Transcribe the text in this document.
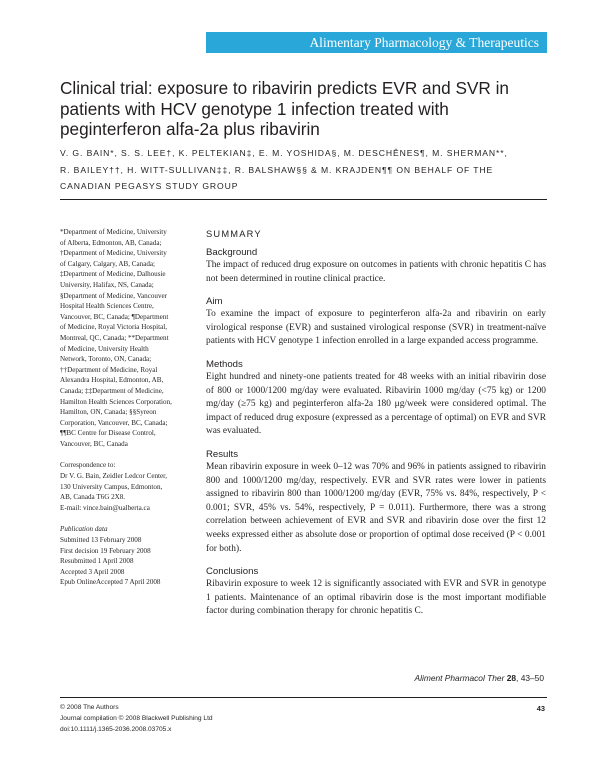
Alimentary Pharmacology & Therapeutics
Clinical trial: exposure to ribavirin predicts EVR and SVR in
patients with HCV genotype 1 infection treated with
peginterferon alfa-2a plus ribavirin
V. G. BAIN*, S. S. LEE†, K. PELTEKIAN‡, E. M. YOSHIDA§, M. DESCHÊNES¶, M. SHERMAN**,
R. BAILEY††, H. WITT-SULLIVAN‡‡, R. BALSHAW§§ & M. KRAJDEN¶¶ ON BEHALF OF THE
CANADIAN PEGASYS STUDY GROUP

*Department of Medicine, University

of Alberta, Edmonton, AB, Canada;

†Department of Medicine, University

of Calgary, Calgary, AB, Canada;

‡Department of Medicine, Dalhousie

University, Halifax, NS, Canada;

§Department of Medicine, Vancouver

Hospital Health Sciences Centre,

Vancouver, BC, Canada; ¶Department

of Medicine, Royal Victoria Hospital,

Montreal, QC, Canada; **Department

of Medicine, University Health

Network, Toronto, ON, Canada;

††Department of Medicine, Royal

Alexandra Hospital, Edmonton, AB,

Canada; ‡‡Department of Medicine,

Hamilton Health Sciences Corporation,

Hamilton, ON, Canada; §§Syreon

Corporation, Vancouver, BC, Canada;

¶¶BC Centre for Disease Control,

Vancouver, BC, Canada

Correspondence to:

Dr V. G. Bain, Zeidler Ledcor Center,

130 University Campus, Edmonton,

AB, Canada T6G 2X8.

E-mail: vince.bain@ualberta.ca

Publication data

Submitted 13 February 2008

First decision 19 February 2008

Resubmitted 1 April 2008

Accepted 3 April 2008

Epub OnlineAccepted 7 April 2008

SUMMARY
Background

The impact of reduced drug exposure on outcomes in patients with chronic hepatitis C has not been determined in routine clinical practice.

Aim

To examine the impact of exposure to peginterferon alfa-2a and ribavirin on early virological response (EVR) and sustained virological response (SVR) in treatment-naïve patients with HCV genotype 1 infection enrolled in a large expanded access programme.

Methods

Eight hundred and ninety-one patients treated for 48 weeks with an initial ribavirin dose of 800 or 1000/1200 mg/day were evaluated. Ribavirin 1000 mg/day (<75 kg) or 1200 mg/day (≥75 kg) and peginterferon alfa-2a 180 μg/week were considered optimal. The impact of reduced drug exposure (expressed as a percentage of optimal) on EVR and SVR was evaluated.

Results

Mean ribavirin exposure in week 0–12 was 70% and 96% in patients assigned to ribavirin 800 and 1000/1200 mg/day, respectively. EVR and SVR rates were lower in patients assigned to ribavirin 800 than 1000/1200 mg/day (EVR, 75% vs. 84%, respectively, P < 0.001; SVR, 45% vs. 54%, respectively, P = 0.011). Furthermore, there was a strong correlation between achievement of EVR and SVR and ribavirin dose over the first 12 weeks expressed either as absolute dose or proportion of optimal dose received (P < 0.001 for both).

Conclusions

Ribavirin exposure to week 12 is significantly associated with EVR and SVR in genotype 1 patients. Maintenance of an optimal ribavirin dose is the most important modifiable factor during combination therapy for chronic hepatitis C.

Aliment Pharmacol Ther 28, 43–50

© 2008 The Authors

Journal compilation © 2008 Blackwell Publishing Ltd

doi:10.1111/j.1365-2036.2008.03705.x

43
